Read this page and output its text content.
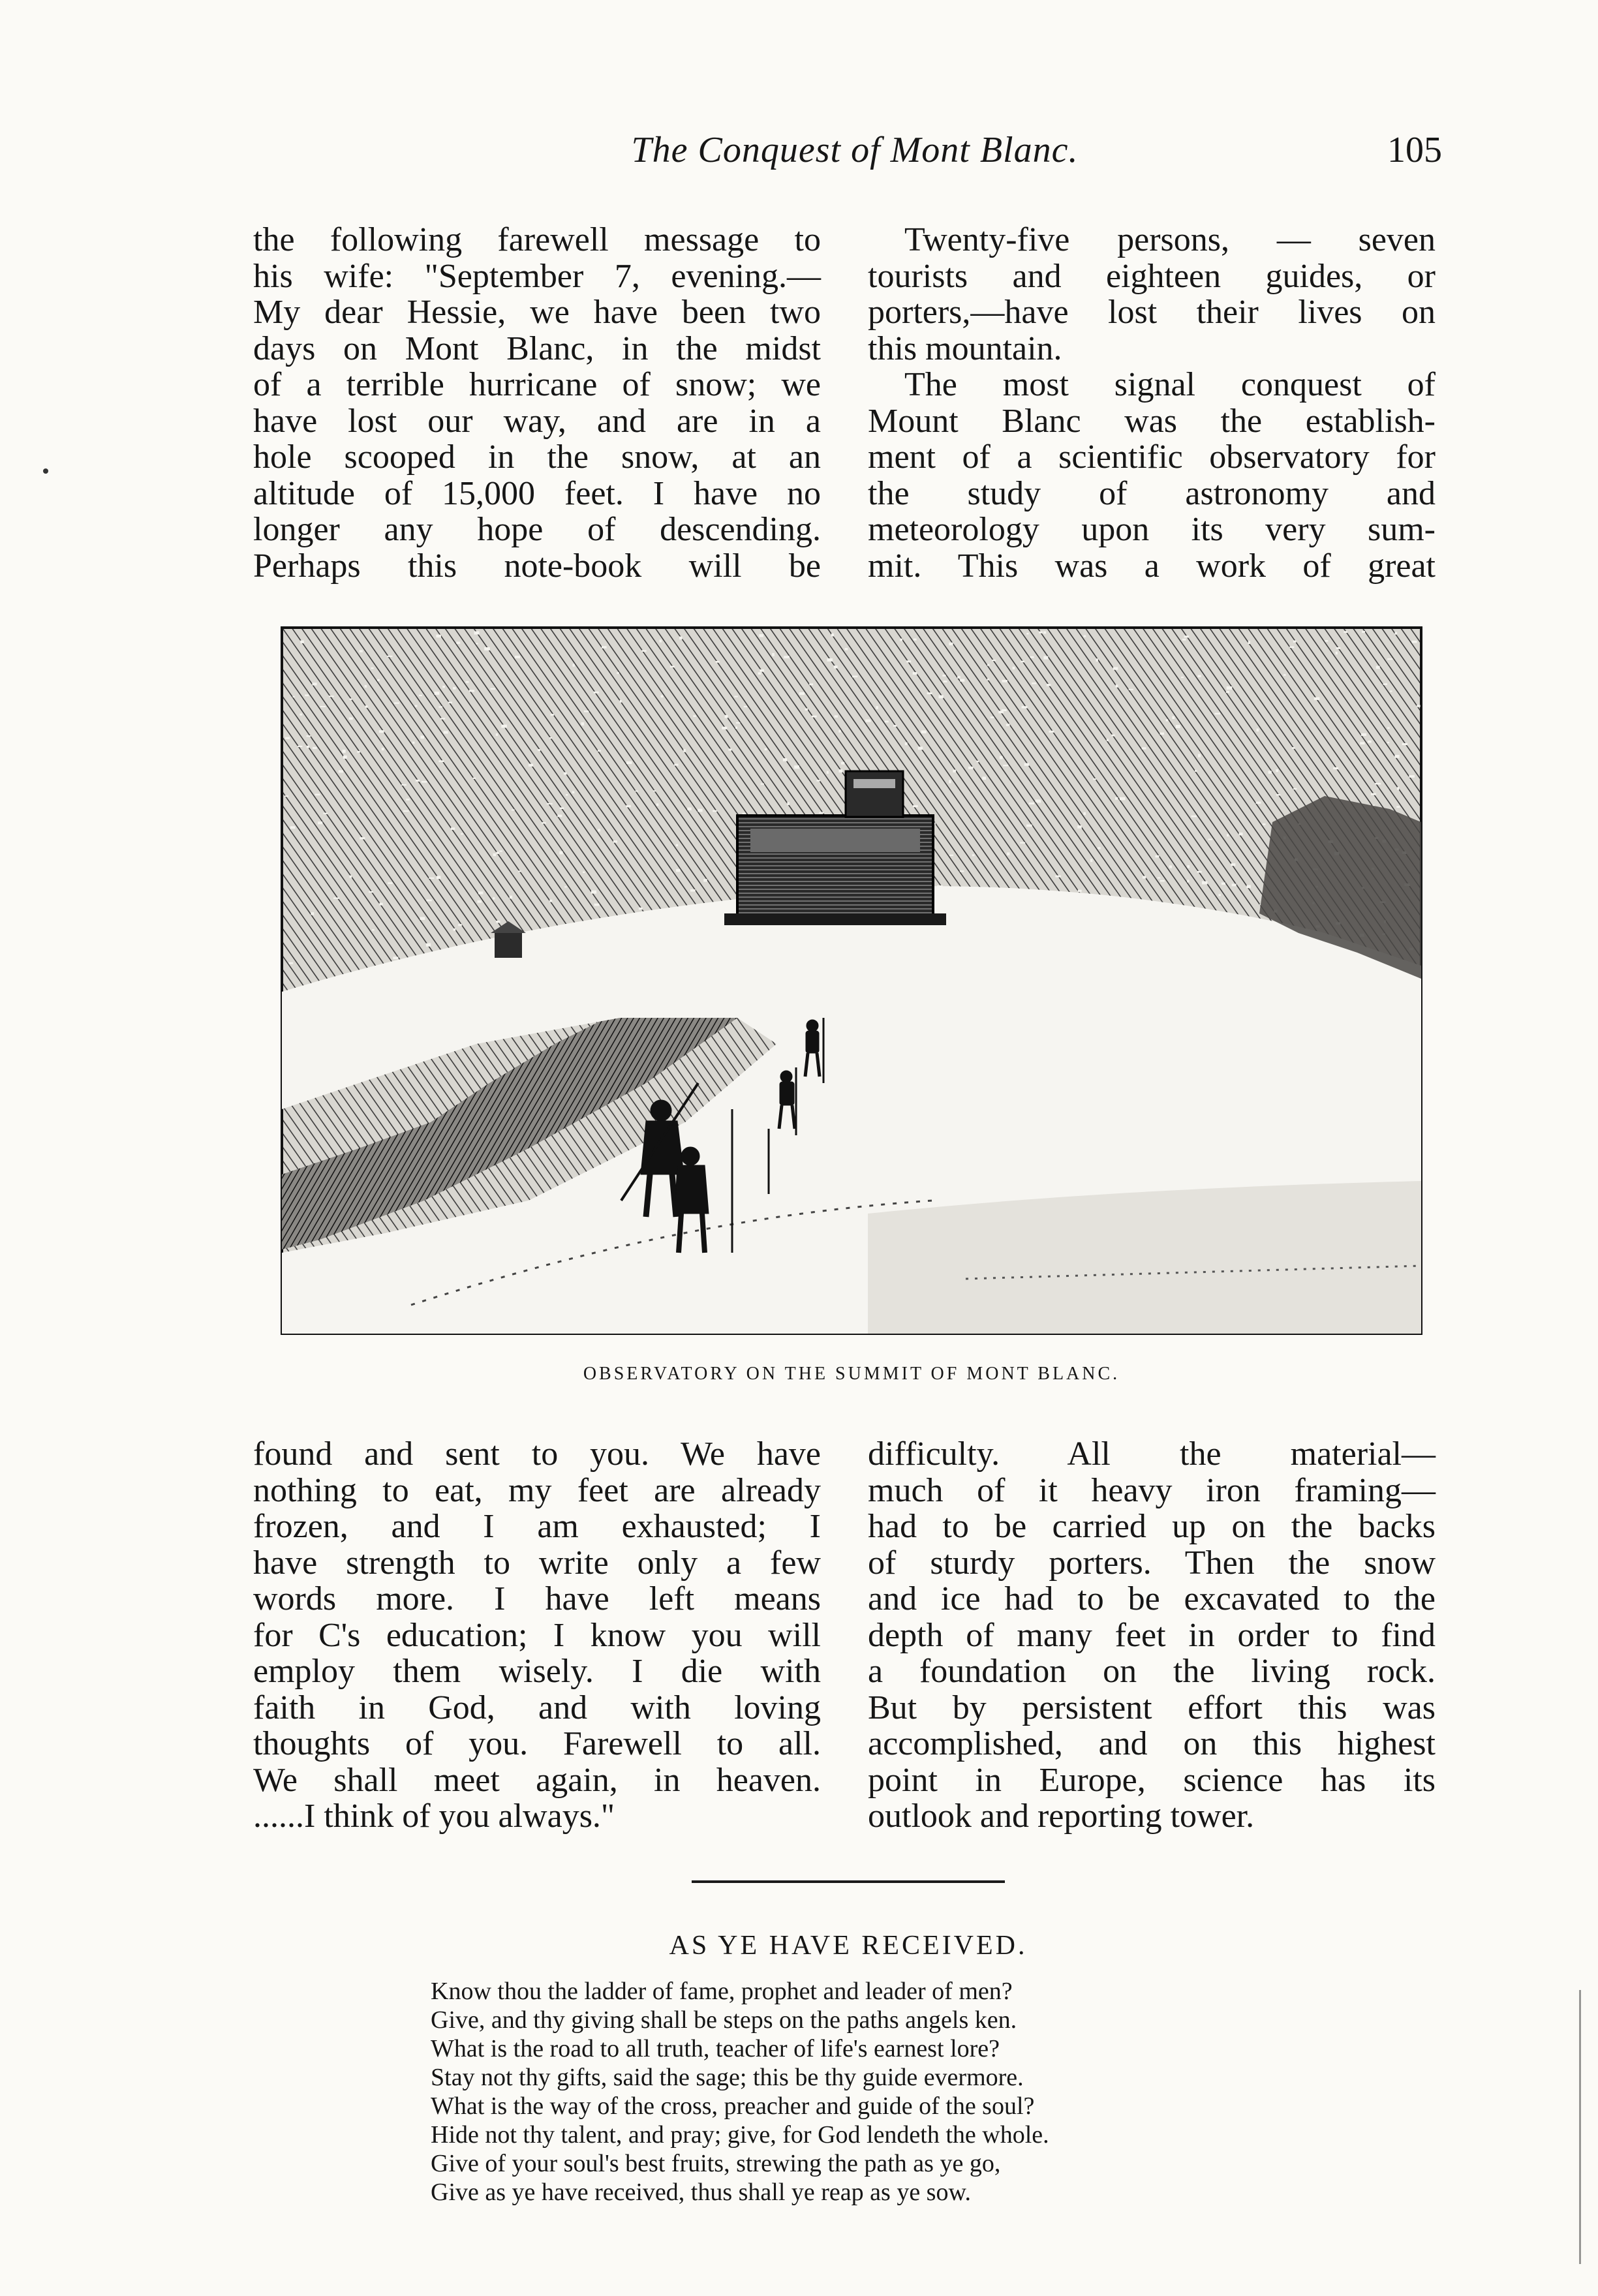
The Conquest of Mont Blanc.	105
the following farewell message to
his wife: "September 7, evening.—
My dear Hessie, we have been two
days on Mont Blanc, in the midst
of a terrible hurricane of snow; we
have lost our way, and are in a
hole scooped in the snow, at an
altitude of 15,000 feet. I have no
longer any hope of descending.
Perhaps this note-book will be
Twenty-five persons, — seven
tourists and eighteen guides, or
porters,—have lost their lives on
this mountain.
The most signal conquest of
Mount Blanc was the establish-
ment of a scientific observatory for
the study of astronomy and
meteorology upon its very sum-
mit. This was a work of great
OBSERVATORY ON THE SUMMIT OF MONT BLANC.
found and sent to you. We have
nothing to eat, my feet are already
frozen, and I am exhausted; I
have strength to write only a few
words more. I have left means
for C's education; I know you will
employ them wisely. I die with
faith in God, and with loving
thoughts of you. Farewell to all.
We shall meet again, in heaven.
......I think of you always."
difficulty. All the material—
much of it heavy iron framing—
had to be carried up on the backs
of sturdy porters. Then the snow
and ice had to be excavated to the
depth of many feet in order to find
a foundation on the living rock.
But by persistent effort this was
accomplished, and on this highest
point in Europe, science has its
outlook and reporting tower.
AS YE HAVE RECEIVED.
Know thou the ladder of fame, prophet and leader of men?
Give, and thy giving shall be steps on the paths angels ken.
What is the road to all truth, teacher of life's earnest lore?
Stay not thy gifts, said the sage; this be thy guide evermore.
What is the way of the cross, preacher and guide of the soul?
Hide not thy talent, and pray; give, for God lendeth the whole.
Give of your soul's best fruits, strewing the path as ye go,
Give as ye have received, thus shall ye reap as ye sow.
